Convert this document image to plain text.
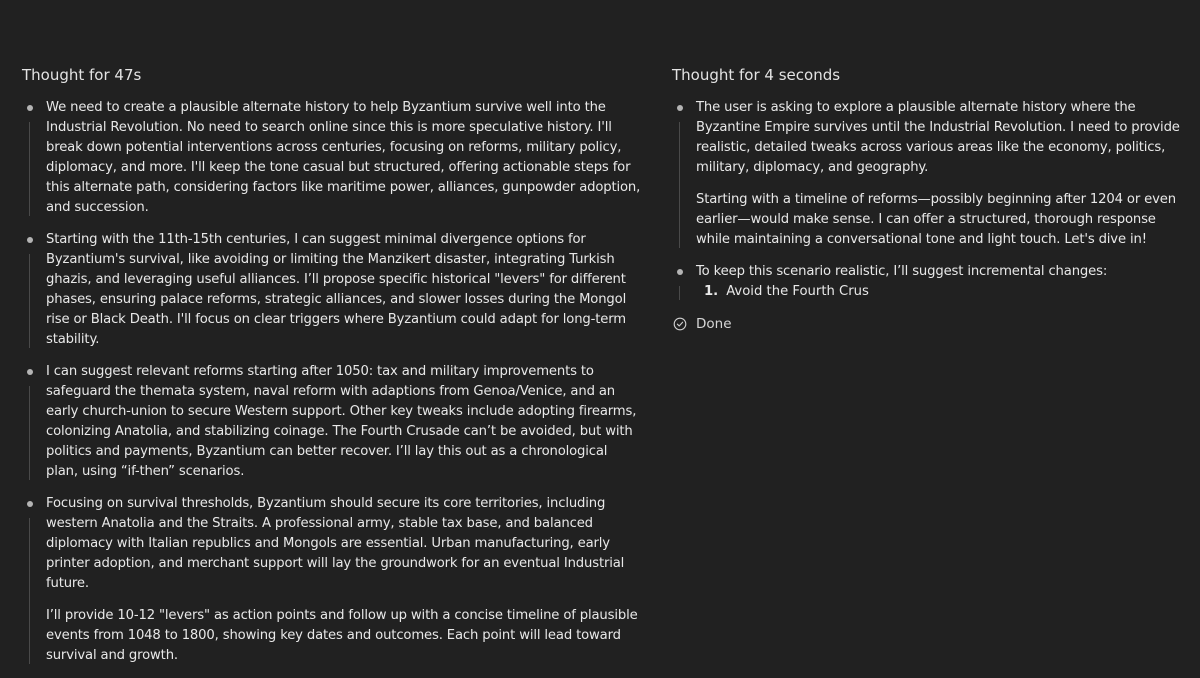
Thought for 47s

We need to create a plausible alternate history to help Byzantium survive well into the Industrial Revolution. No need to search online since this is more speculative history. I'll break down potential interventions across centuries, focusing on reforms, military policy, diplomacy, and more. I'll keep the tone casual but structured, offering actionable steps for this alternate path, considering factors like maritime power, alliances, gunpowder adoption, and succession.

Starting with the 11th-15th centuries, I can suggest minimal divergence options for Byzantium's survival, like avoiding or limiting the Manzikert disaster, integrating Turkish ghazis, and leveraging useful alliances. I’ll propose specific historical "levers" for different phases, ensuring palace reforms, strategic alliances, and slower losses during the Mongol rise or Black Death. I'll focus on clear triggers where Byzantium could adapt for long-term stability.

I can suggest relevant reforms starting after 1050: tax and military improvements to safeguard the themata system, naval reform with adaptions from Genoa/Venice, and an early church-union to secure Western support. Other key tweaks include adopting firearms, colonizing Anatolia, and stabilizing coinage. The Fourth Crusade can’t be avoided, but with politics and payments, Byzantium can better recover. I’ll lay this out as a chronological plan, using “if-then” scenarios.

Focusing on survival thresholds, Byzantium should secure its core territories, including western Anatolia and the Straits. A professional army, stable tax base, and balanced diplomacy with Italian republics and Mongols are essential. Urban manufacturing, early printer adoption, and merchant support will lay the groundwork for an eventual Industrial future.

I’ll provide 10-12 "levers" as action points and follow up with a concise timeline of plausible events from 1048 to 1800, showing key dates and outcomes. Each point will lead toward survival and growth.

Thought for 4 seconds

The user is asking to explore a plausible alternate history where the Byzantine Empire survives until the Industrial Revolution. I need to provide realistic, detailed tweaks across various areas like the economy, politics, military, diplomacy, and geography.

Starting with a timeline of reforms—possibly beginning after 1204 or even earlier—would make sense. I can offer a structured, thorough response while maintaining a conversational tone and light touch. Let's dive in!

To keep this scenario realistic, I’ll suggest incremental changes:

1. Avoid the Fourth Crus
Done
